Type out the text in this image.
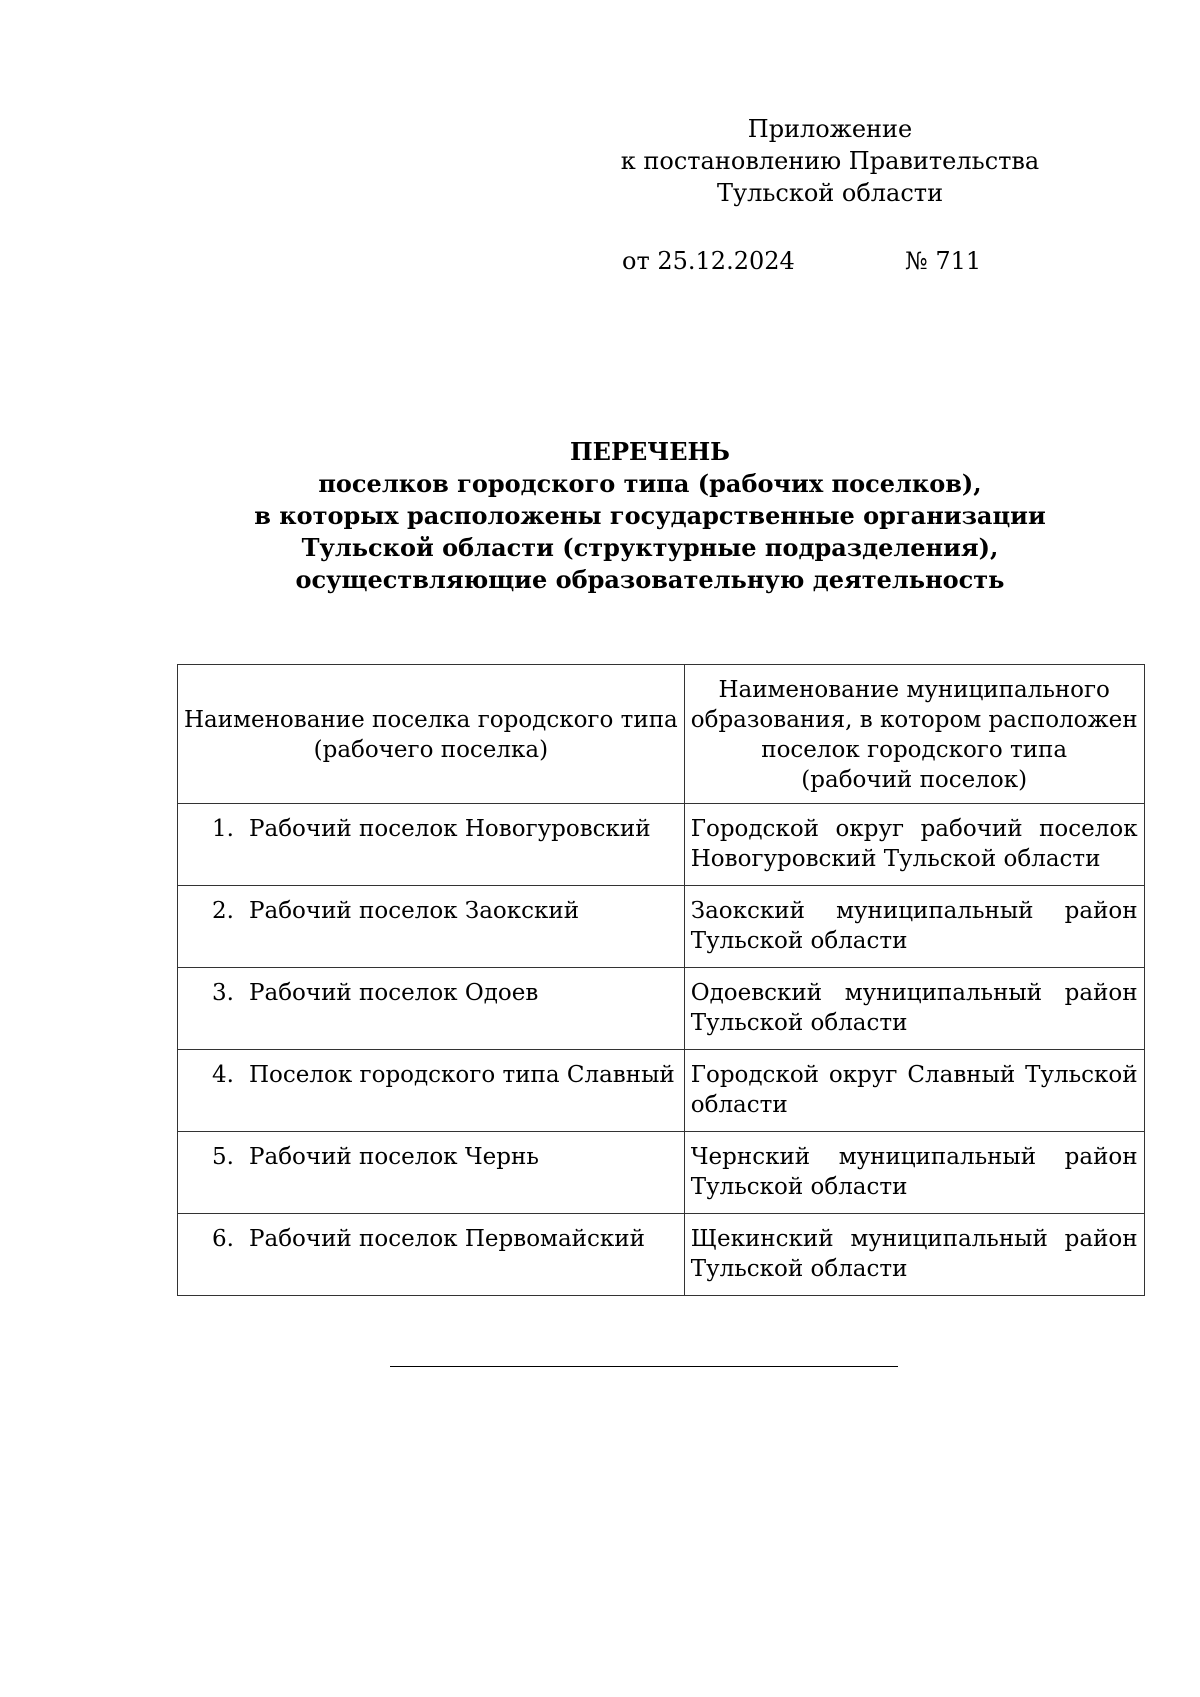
Приложение
к постановлению Правительства
Тульской области
от 25.12.2024	№ 711
ПЕРЕЧЕНЬ
поселков городского типа (рабочих поселков),
в которых расположены государственные организации
Тульской области (структурные подразделения),
осуществляющие образовательную деятельность
Наименование поселка городского типа
(рабочего поселка)	Наименование муниципального
образования, в котором расположен
поселок городского типа
(рабочий поселок)

1. Рабочий поселок Новогуровский	Городской округ рабочий поселок
Новогуровский Тульской области

2. Рабочий поселок Заокский	Заокский муниципальный район
Тульской области

3. Рабочий поселок Одоев	Одоевский муниципальный район
Тульской области

4. Поселок городского типа Славный	Городской округ Славный Тульской
области

5. Рабочий поселок Чернь	Чернский муниципальный район
Тульской области

6. Рабочий поселок Первомайский	Щекинский муниципальный район
Тульской области
